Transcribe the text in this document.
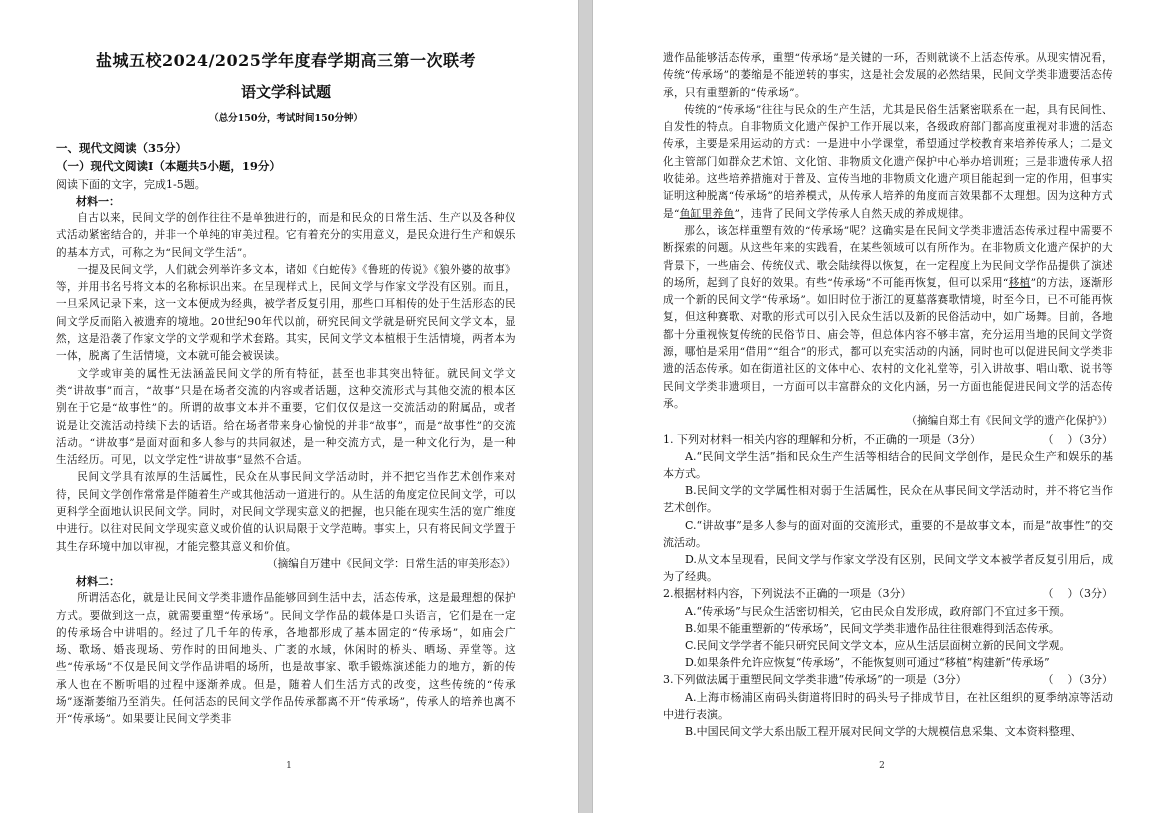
盐城五校2024/2025学年度春学期高三第一次联考
语文学科试题
（总分150分，考试时间150分钟）
一、现代文阅读（35分）
（一）现代文阅读Ⅰ（本题共5小题，19分）
阅读下面的文字，完成1-5题。
材料一：

自古以来，民间文学的创作往往不是单独进行的，而是和民众的日常生活、生产以及各种仪式活动紧密结合的，并非一个单纯的审美过程。它有着充分的实用意义，是民众进行生产和娱乐的基本方式，可称之为“民间文学生活”。

一提及民间文学，人们就会列举许多文本，诸如《白蛇传》《鲁班的传说》《狼外婆的故事》等，并用书名号将文本的名称标识出来。在呈现样式上，民间文学与作家文学没有区别。而且，一旦采风记录下来，这一文本便成为经典，被学者反复引用，那些口耳相传的处于生活形态的民间文学反而陷入被遗弃的境地。20世纪90年代以前，研究民间文学就是研究民间文学文本，显然，这是沿袭了作家文学的文学观和学术套路。其实，民间文学文本植根于生活情境，两者本为一体，脱离了生活情境，文本就可能会被误读。

文学或审美的属性无法涵盖民间文学的所有特征，甚至也非其突出特征。就民间文学文类“讲故事”而言，“故事”只是在场者交流的内容或者话题，这种交流形式与其他交流的根本区别在于它是“故事性”的。所谓的故事文本并不重要，它们仅仅是这一交流活动的附属品，或者说是让交流活动持续下去的话语。给在场者带来身心愉悦的并非“故事”，而是“故事性”的交流活动。“讲故事”是面对面和多人参与的共同叙述，是一种交流方式，是一种文化行为，是一种生活经历。可见，以文学定性“讲故事”显然不合适。

民间文学具有浓厚的生活属性，民众在从事民间文学活动时，并不把它当作艺术创作来对待，民间文学创作常常是伴随着生产或其他活动一道进行的。从生活的角度定位民间文学，可以更科学全面地认识民间文学。同时，对民间文学现实意义的把握，也只能在现实生活的宽广维度中进行。以往对民间文学现实意义或价值的认识局限于文学范畴。事实上，只有将民间文学置于其生存环境中加以审视，才能完整其意义和价值。

（摘编自万建中《民间文学：日常生活的审美形态》）

材料二：

所谓活态化，就是让民间文学类非遗作品能够回到生活中去，活态传承，这是最理想的保护方式。要做到这一点，就需要重塑“传承场”。民间文学作品的载体是口头语言，它们是在一定的传承场合中讲唱的。经过了几千年的传承，各地都形成了基本固定的“传承场”，如庙会广场、歌场、婚丧现场、劳作时的田间地头、广袤的水域，休闲时的桥头、晒场、弄堂等。这些“传承场”不仅是民间文学作品讲唱的场所，也是故事家、歌手锻炼演述能力的地方，新的传承人也在不断听唱的过程中逐渐养成。但是，随着人们生活方式的改变，这些传统的“传承场”逐渐萎缩乃至消失。任何活态的民间文学作品传承都离不开“传承场”，传承人的培养也离不开“传承场”。如果要让民间文学类非

1

遗作品能够活态传承，重塑“传承场”是关键的一环，否则就谈不上活态传承。从现实情况看，传统“传承场”的萎缩是不能逆转的事实，这是社会发展的必然结果，民间文学类非遗要活态传承，只有重塑新的“传承场”。

传统的“传承场”往往与民众的生产生活，尤其是民俗生活紧密联系在一起，具有民间性、自发性的特点。自非物质文化遗产保护工作开展以来，各级政府部门都高度重视对非遗的活态传承，主要是采用运动的方式：一是进中小学课堂，希望通过学校教育来培养传承人；二是文化主管部门如群众艺术馆、文化馆、非物质文化遗产保护中心举办培训班；三是非遗传承人招收徒弟。这些培养措施对于普及、宣传当地的非物质文化遗产项目能起到一定的作用，但事实证明这种脱离“传承场”的培养模式，从传承人培养的角度而言效果都不太理想。因为这种方式是“鱼缸里养鱼”，违背了民间文学传承人自然天成的养成规律。

那么，该怎样重塑有效的“传承场”呢？这确实是在民间文学类非遗活态传承过程中需要不断探索的问题。从这些年来的实践看，在某些领域可以有所作为。在非物质文化遗产保护的大背景下，一些庙会、传统仪式、歌会陆续得以恢复，在一定程度上为民间文学作品提供了演述的场所，起到了良好的效果。有些“传承场”不可能再恢复，但可以采用“移植”的方法，逐渐形成一个新的民间文学“传承场”。如旧时位于浙江的夏墓落赛歌情境，时至今日，已不可能再恢复，但这种赛歌、对歌的形式可以引入民众生活以及新的民俗活动中，如广场舞。目前，各地都十分重视恢复传统的民俗节日、庙会等，但总体内容不够丰富，充分运用当地的民间文学资源，哪怕是采用“借用”“组合”的形式，都可以充实活动的内涵，同时也可以促进民间文学类非遗的活态传承。如在街道社区的文体中心、农村的文化礼堂等，引入讲故事、唱山歌、说书等民间文学类非遗项目，一方面可以丰富群众的文化内涵，另一方面也能促进民间文学的活态传承。

（摘编自郑土有《民间文学的遗产化保护》）

1. 下列对材料一相关内容的理解和分析，不正确的一项是（3分）	（    ）（3分）

A.“民间文学生活”指和民众生产生活等相结合的民间文学创作，是民众生产和娱乐的基本方式。

B.民间文学的文学属性相对弱于生活属性，民众在从事民间文学活动时，并不将它当作艺术创作。

C.“讲故事”是多人参与的面对面的交流形式，重要的不是故事文本，而是“故事性”的交流活动。

D.从文本呈现看，民间文学与作家文学没有区别，民间文学文本被学者反复引用后，成为了经典。

2.根据材料内容，下列说法不正确的一项是（3分）	（    ）（3分）

A.“传承场”与民众生活密切相关，它由民众自发形成，政府部门不宜过多干预。

B.如果不能重塑新的“传承场”，民间文学类非遗作品往往很难得到活态传承。

C.民间文学学者不能只研究民间文学文本，应从生活层面树立新的民间文学观。

D.如果条件允许应恢复“传承场”，不能恢复则可通过“移植”构建新“传承场”

3.下列做法属于重塑民间文学类非遗“传承场”的一项是（3分）	（    ）（3分）

A.上海市杨浦区南码头街道将旧时的码头号子排成节目，在社区组织的夏季纳凉等活动中进行表演。

B.中国民间文学大系出版工程开展对民间文学的大规模信息采集、文本资料整理、

2
